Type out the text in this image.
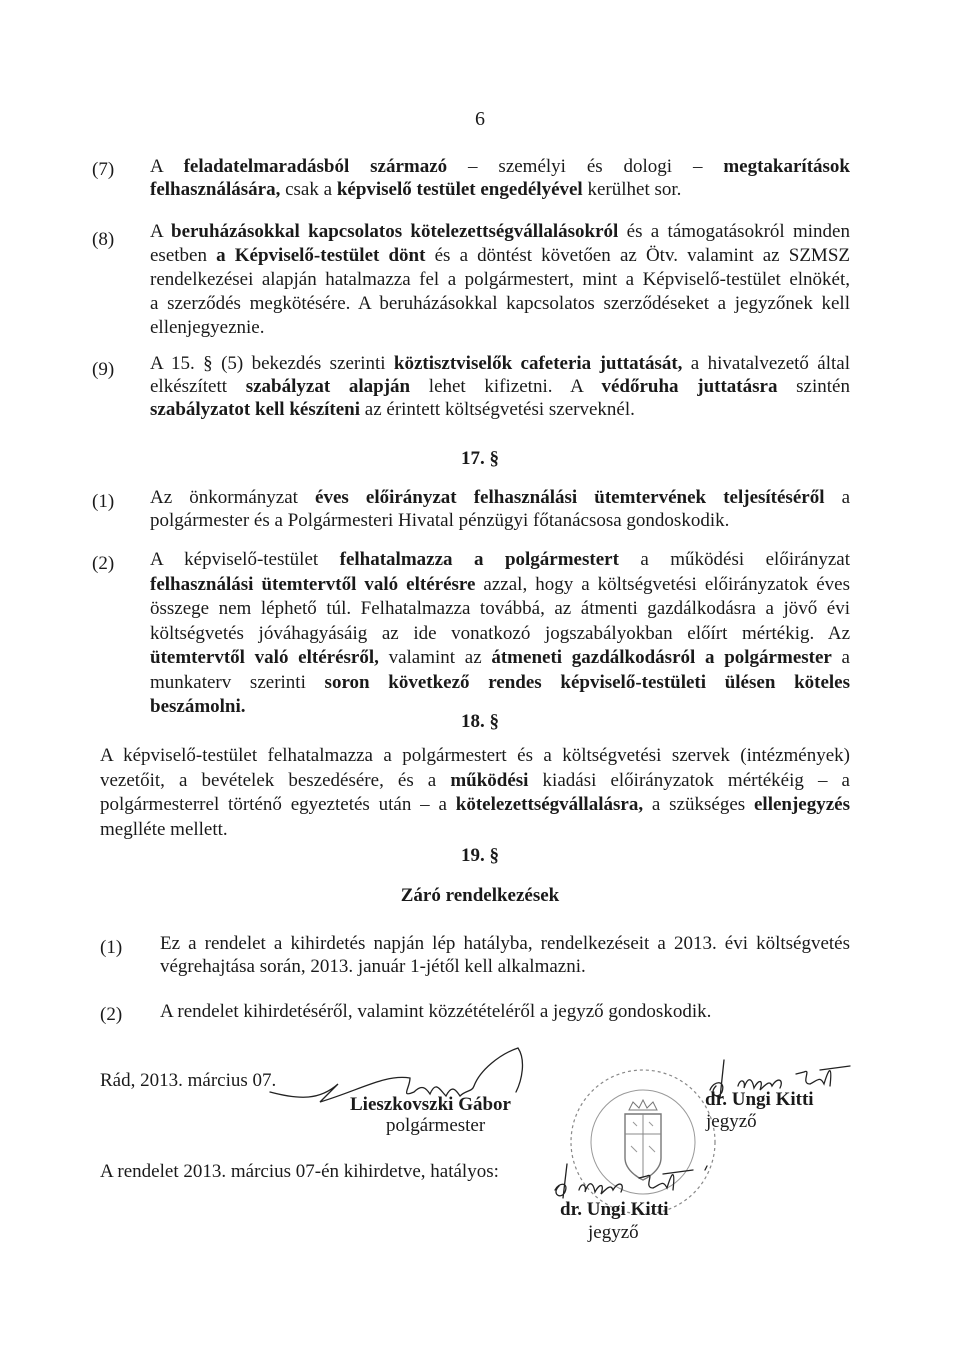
6
(7)	A feladatelmaradásból származó – személyi és dologi – megtakarítások
felhasználására, csak a képviselő testület engedélyével kerülhet sor.
(8)	A beruházásokkal kapcsolatos kötelezettségvállalásokról és a támogatásokról minden
esetben a Képviselő-testület dönt és a döntést követően az Ötv. valamint az SZMSZ
rendelkezései alapján hatalmazza fel a polgármestert, mint a Képviselő-testület elnökét,
a szerződés megkötésére. A beruházásokkal kapcsolatos szerződéseket a jegyzőnek kell
ellenjegyeznie.
(9)	A 15. § (5) bekezdés szerinti köztisztviselők cafeteria juttatását, a hivatalvezető által
elkészített szabályzat alapján lehet kifizetni. A védőruha juttatásra szintén
szabályzatot kell készíteni az érintett költségvetési szerveknél.
17. §
(1)	Az önkormányzat éves előirányzat felhasználási ütemtervének teljesítéséről a
polgármester és a Polgármesteri Hivatal pénzügyi főtanácsosa gondoskodik.
(2)	A képviselő-testület felhatalmazza a polgármestert a működési előirányzat
felhasználási ütemtervtől való eltérésre azzal, hogy a költségvetési előirányzatok éves
összege nem léphető túl. Felhatalmazza továbbá, az átmenti gazdálkodásra a jövő évi
költségvetés jóváhagyásáig az ide vonatkozó jogszabályokban előírt mértékig. Az
ütemtervtől való eltérésről, valamint az átmeneti gazdálkodásról a polgármester a
munkaterv szerinti soron következő rendes képviselő-testületi ülésen köteles
beszámolni.
18. §
A képviselő-testület felhatalmazza a polgármestert és a költségvetési szervek (intézmények)
vezetőit, a bevételek beszedésére, és a működési kiadási előirányzatok mértékéig – a
polgármesterrel történő egyeztetés után – a kötelezettségvállalásra, a szükséges ellenjegyzés
meglléte mellett.
19. §
Záró rendelkezések
(1)	Ez a rendelet a kihirdetés napján lép hatályba, rendelkezéseit a 2013. évi költségvetés
végrehajtása során, 2013. január 1-jétől kell alkalmazni.
(2)	A rendelet kihirdetéséről, valamint közzétételéről a jegyző gondoskodik.
Rád, 2013. március 07.
Lieszkovszki Gábor
polgármester
dr. Ungi Kitti
jegyző
A rendelet 2013. március 07-én kihirdetve, hatályos:
dr. Ungi Kitti
jegyző
